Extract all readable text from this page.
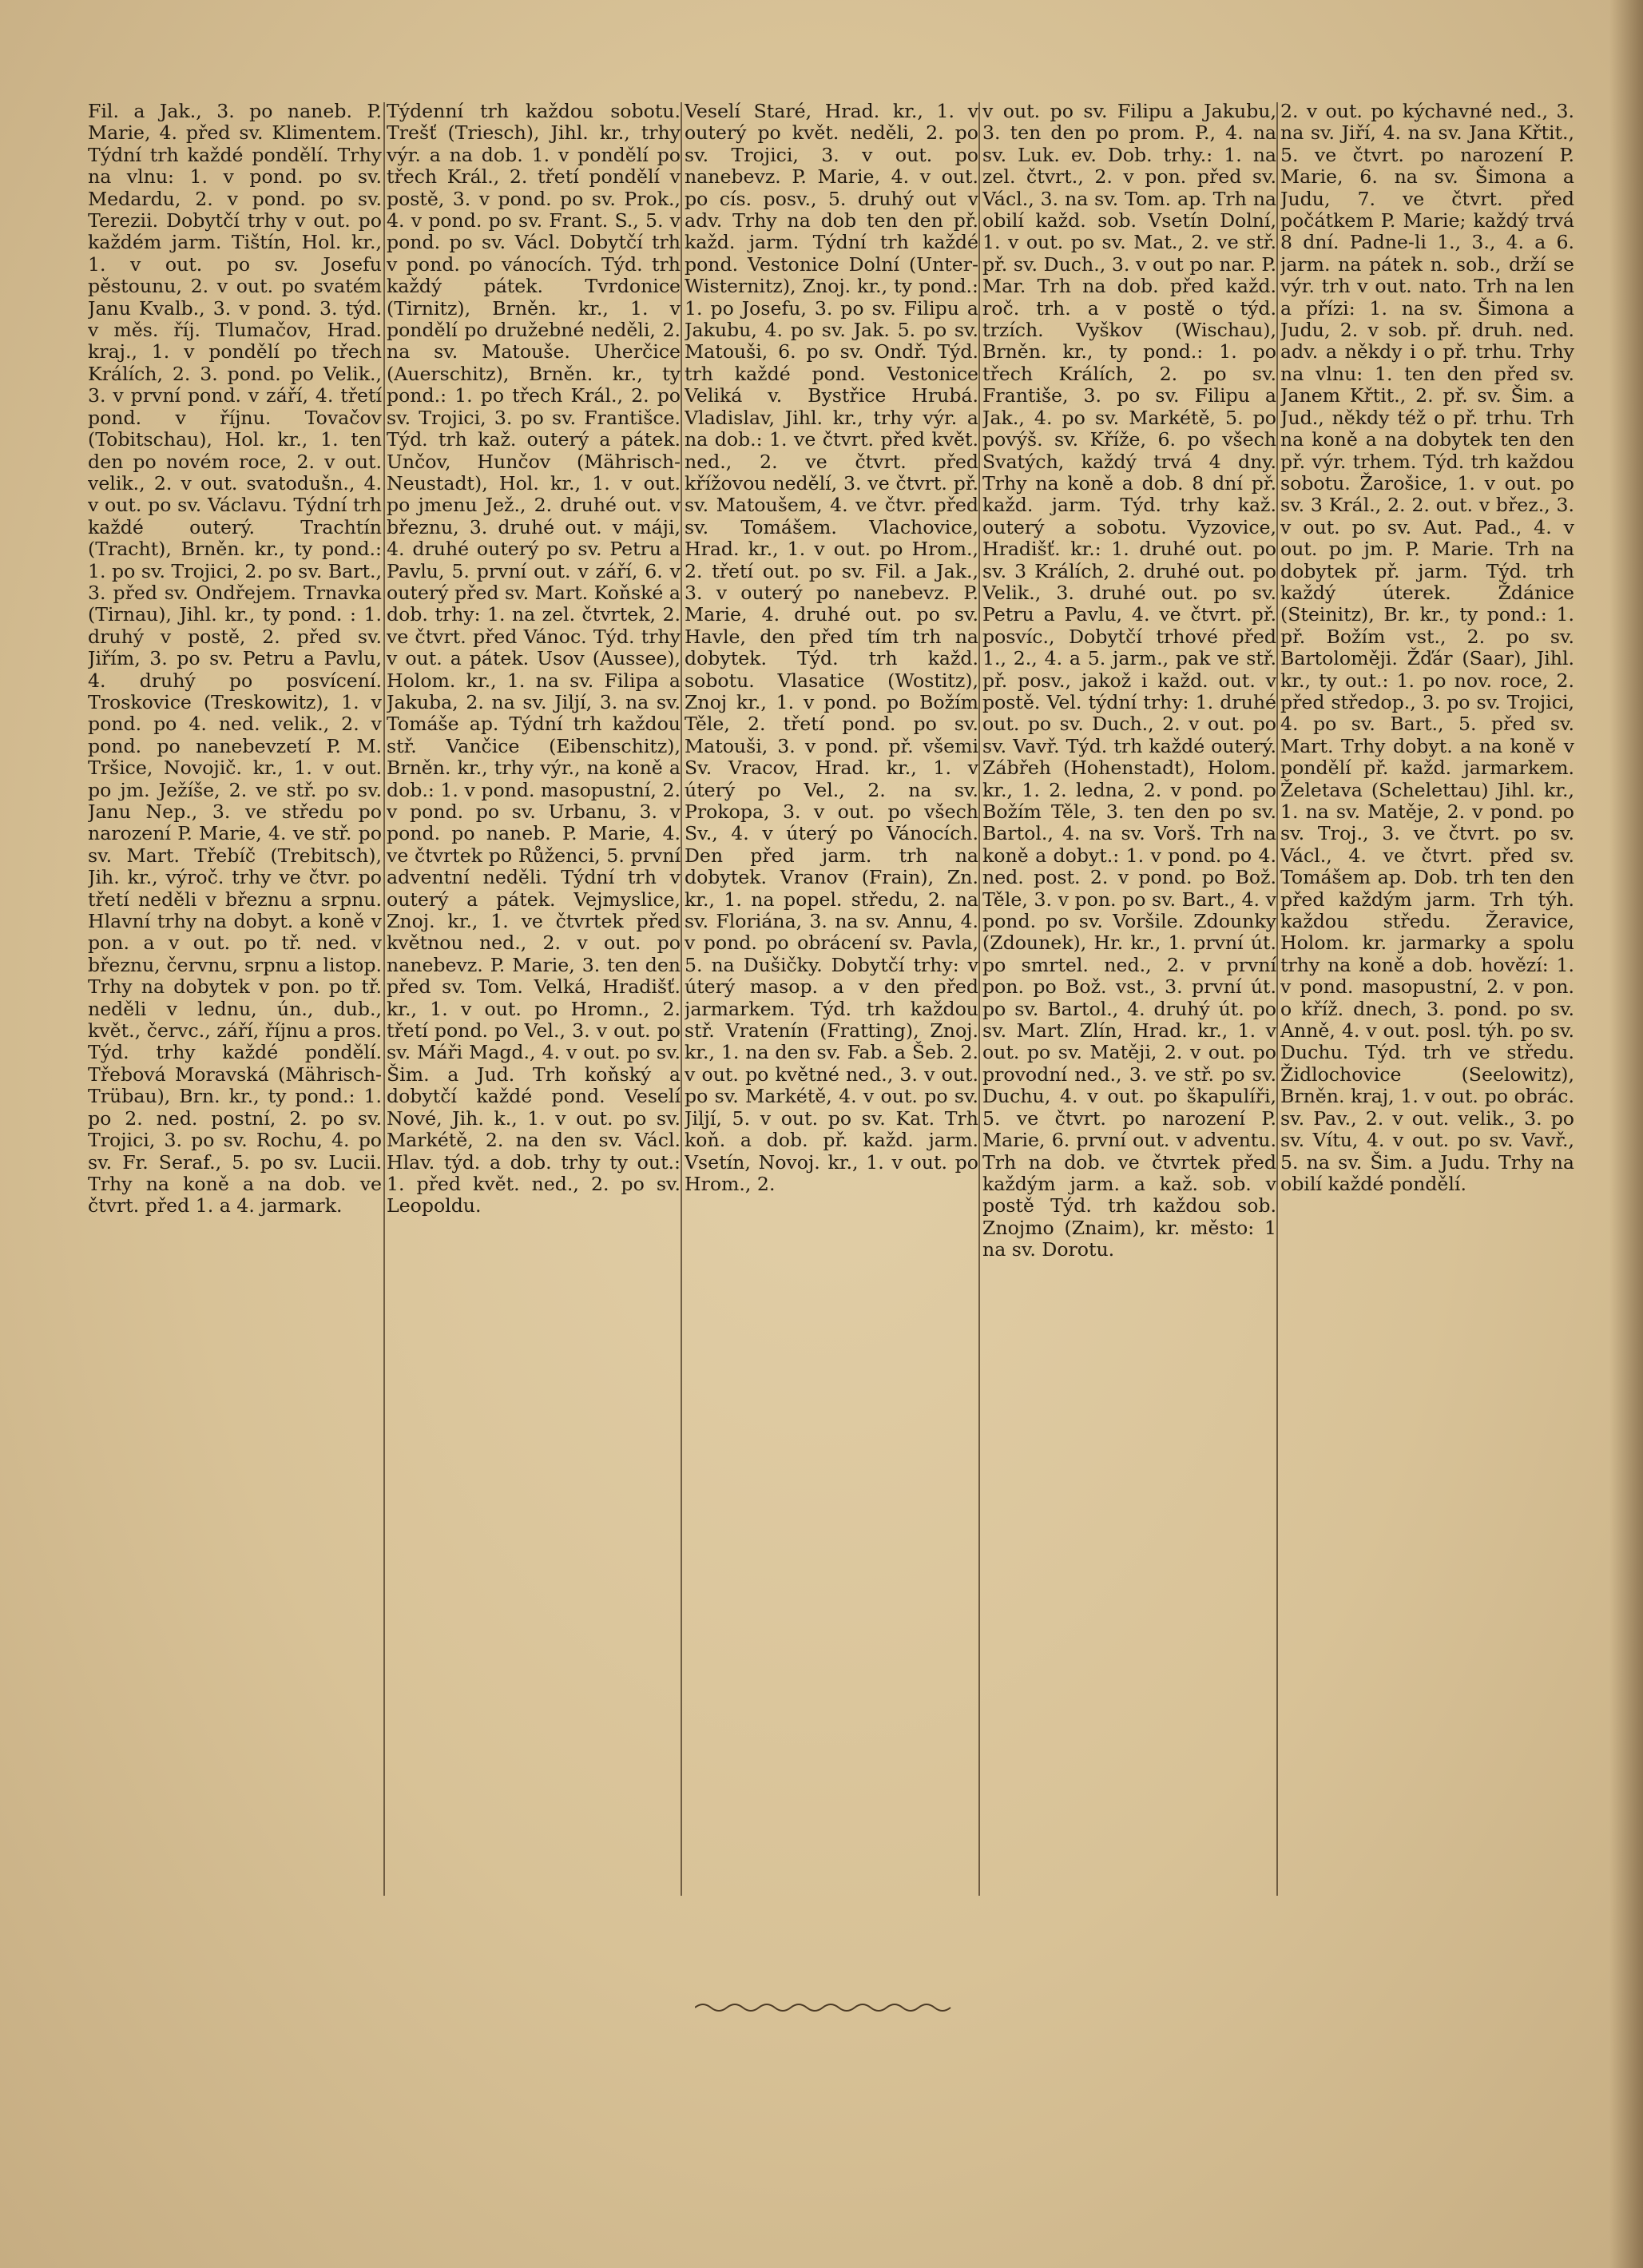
Fil. a Jak., 3. po naneb. P. Marie, 4. před sv. Klimentem. Týdní trh každé pondělí. Trhy na vlnu: 1. v pond. po sv. Medardu, 2. v pond. po sv. Terezii. Dobytčí trhy v out. po každém jarm. Tištín, Hol. kr., 1. v out. po sv. Josefu pěstounu, 2. v out. po svatém Janu Kvalb., 3. v pond. 3. týd. v měs. říj. Tlumačov, Hrad. kraj., 1. v pondělí po třech Králích, 2. 3. pond. po Velik., 3. v první pond. v září, 4. třetí pond. v říjnu. Tovačov (Tobitschau), Hol. kr., 1. ten den po novém roce, 2. v out. velik., 2. v out. svatodušn., 4. v out. po sv. Václavu. Týdní trh každé outerý. Trachtín (Tracht), Brněn. kr., ty pond.: 1. po sv. Trojici, 2. po sv. Bart., 3. před sv. Ondřejem. Trnavka (Tirnau), Jihl. kr., ty pond. : 1. druhý v postě, 2. před sv. Jiřím, 3. po sv. Petru a Pavlu, 4. druhý po posvícení. Troskovice (Treskowitz), 1. v pond. po 4. ned. velik., 2. v pond. po nanebevzetí P. M. Tršice, Novojič. kr., 1. v out. po jm. Ježíše, 2. ve stř. po sv. Janu Nep., 3. ve středu po narození P. Marie, 4. ve stř. po sv. Mart. Třebíč (Trebitsch), Jih. kr., výroč. trhy ve čtvr. po třetí neděli v březnu a srpnu. Hlavní trhy na dobyt. a koně v pon. a v out. po tř. ned. v březnu, červnu, srpnu a listop. Trhy na dobytek v pon. po tř. neděli v lednu, ún., dub., květ., červc., září, říjnu a pros. Týd. trhy každé pondělí. Třebová Moravská (Mährisch-Trübau), Brn. kr., ty pond.: 1. po 2. ned. postní, 2. po sv. Trojici, 3. po sv. Rochu, 4. po sv. Fr. Seraf., 5. po sv. Lucii. Trhy na koně a na dob. ve čtvrt. před 1. a 4. jarmark.

Týdenní trh každou sobotu. Trešť (Triesch), Jihl. kr., trhy výr. a na dob. 1. v pondělí po třech Král., 2. třetí pondělí v postě, 3. v pond. po sv. Prok., 4. v pond. po sv. Frant. S., 5. v pond. po sv. Václ. Dobytčí trh v pond. po vánocích. Týd. trh každý pátek. Tvrdonice (Tirnitz), Brněn. kr., 1. v pondělí po družebné neděli, 2. na sv. Matouše. Uherčice (Auerschitz), Brněn. kr., ty pond.: 1. po třech Král., 2. po sv. Trojici, 3. po sv. Františce. Týd. trh kaž. outerý a pátek. Unčov, Hunčov (Mährisch-Neustadt), Hol. kr., 1. v out. po jmenu Jež., 2. druhé out. v březnu, 3. druhé out. v máji, 4. druhé outerý po sv. Petru a Pavlu, 5. první out. v září, 6. v outerý před sv. Mart. Koňské a dob. trhy: 1. na zel. čtvrtek, 2. ve čtvrt. před Vánoc. Týd. trhy v out. a pátek. Usov (Aussee), Holom. kr., 1. na sv. Filipa a Jakuba, 2. na sv. Jiljí, 3. na sv. Tomáše ap. Týdní trh každou stř. Vančice (Eibenschitz), Brněn. kr., trhy výr., na koně a dob.: 1. v pond. masopustní, 2. v pond. po sv. Urbanu, 3. v pond. po naneb. P. Marie, 4. ve čtvrtek po Růženci, 5. první adventní neděli. Týdní trh v outerý a pátek. Vejmyslice, Znoj. kr., 1. ve čtvrtek před květnou ned., 2. v out. po nanebevz. P. Marie, 3. ten den před sv. Tom. Velká, Hradišť. kr., 1. v out. po Hromn., 2. třetí pond. po Vel., 3. v out. po sv. Máři Magd., 4. v out. po sv. Šim. a Jud. Trh koňský a dobytčí každé pond. Veselí Nové, Jih. k., 1. v out. po sv. Markétě, 2. na den sv. Václ. Hlav. týd. a dob. trhy ty out.: 1. před květ. ned., 2. po sv. Leopoldu.

Veselí Staré, Hrad. kr., 1. v outerý po květ. neděli, 2. po sv. Trojici, 3. v out. po nanebevz. P. Marie, 4. v out. po cís. posv., 5. druhý out v adv. Trhy na dob ten den př. každ. jarm. Týdní trh každé pond. Vestonice Dolní (Unter-Wisternitz), Znoj. kr., ty pond.: 1. po Josefu, 3. po sv. Filipu a Jakubu, 4. po sv. Jak. 5. po sv. Matouši, 6. po sv. Ondř. Týd. trh každé pond. Vestonice Veliká v. Bystřice Hrubá. Vladislav, Jihl. kr., trhy výr. a na dob.: 1. ve čtvrt. před květ. ned., 2. ve čtvrt. před křížovou nedělí, 3. ve čtvrt. př. sv. Matoušem, 4. ve čtvr. před sv. Tomášem. Vlachovice, Hrad. kr., 1. v out. po Hrom., 2. třetí out. po sv. Fil. a Jak., 3. v outerý po nanebevz. P. Marie, 4. druhé out. po sv. Havle, den před tím trh na dobytek. Týd. trh každ. sobotu. Vlasatice (Wostitz), Znoj kr., 1. v pond. po Božím Těle, 2. třetí pond. po sv. Matouši, 3. v pond. př. všemi Sv. Vracov, Hrad. kr., 1. v úterý po Vel., 2. na sv. Prokopa, 3. v out. po všech Sv., 4. v úterý po Vánocích. Den před jarm. trh na dobytek. Vranov (Frain), Zn. kr., 1. na popel. středu, 2. na sv. Floriána, 3. na sv. Annu, 4. v pond. po obrácení sv. Pavla, 5. na Dušičky. Dobytčí trhy: v úterý masop. a v den před jarmarkem. Týd. trh každou stř. Vratenín (Fratting), Znoj. kr., 1. na den sv. Fab. a Šeb. 2. v out. po květné ned., 3. v out. po sv. Markétě, 4. v out. po sv. Jiljí, 5. v out. po sv. Kat. Trh koň. a dob. př. každ. jarm. Vsetín, Novoj. kr., 1. v out. po Hrom., 2.

v out. po sv. Filipu a Jakubu, 3. ten den po prom. P., 4. na sv. Luk. ev. Dob. trhy.: 1. na zel. čtvrt., 2. v pon. před sv. Václ., 3. na sv. Tom. ap. Trh na obilí každ. sob. Vsetín Dolní, 1. v out. po sv. Mat., 2. ve stř. př. sv. Duch., 3. v out po nar. P. Mar. Trh na dob. před každ. roč. trh. a v postě o týd. trzích. Vyškov (Wischau), Brněn. kr., ty pond.: 1. po třech Králích, 2. po sv. Františe, 3. po sv. Filipu a Jak., 4. po sv. Markétě, 5. po povýš. sv. Kříže, 6. po všech Svatých, každý trvá 4 dny. Trhy na koně a dob. 8 dní př. každ. jarm. Týd. trhy kaž. outerý a sobotu. Vyzovice, Hradišť. kr.: 1. druhé out. po sv. 3 Králích, 2. druhé out. po Velik., 3. druhé out. po sv. Petru a Pavlu, 4. ve čtvrt. př. posvíc., Dobytčí trhové před 1., 2., 4. a 5. jarm., pak ve stř. př. posv., jakož i každ. out. v postě. Vel. týdní trhy: 1. druhé out. po sv. Duch., 2. v out. po sv. Vavř. Týd. trh každé outerý. Zábřeh (Hohenstadt), Holom. kr., 1. 2. ledna, 2. v pond. po Božím Těle, 3. ten den po sv. Bartol., 4. na sv. Vorš. Trh na koně a dobyt.: 1. v pond. po 4. ned. post. 2. v pond. po Bož. Těle, 3. v pon. po sv. Bart., 4. v pond. po sv. Voršile. Zdounky (Zdounek), Hr. kr., 1. první út. po smrtel. ned., 2. v první pon. po Bož. vst., 3. první út. po sv. Bartol., 4. druhý út. po sv. Mart. Zlín, Hrad. kr., 1. v out. po sv. Matěji, 2. v out. po provodní ned., 3. ve stř. po sv. Duchu, 4. v out. po škapulíři, 5. ve čtvrt. po narození P. Marie, 6. první out. v adventu. Trh na dob. ve čtvrtek před každým jarm. a kaž. sob. v postě Týd. trh každou sob. Znojmo (Znaim), kr. město: 1 na sv. Dorotu.

2. v out. po kýchavné ned., 3. na sv. Jiří, 4. na sv. Jana Křtit., 5. ve čtvrt. po narození P. Marie, 6. na sv. Šimona a Judu, 7. ve čtvrt. před počátkem P. Marie; každý trvá 8 dní. Padne-li 1., 3., 4. a 6. jarm. na pátek n. sob., drží se výr. trh v out. nato. Trh na len a přízi: 1. na sv. Šimona a Judu, 2. v sob. př. druh. ned. adv. a někdy i o př. trhu. Trhy na vlnu: 1. ten den před sv. Janem Křtit., 2. př. sv. Šim. a Jud., někdy též o př. trhu. Trh na koně a na dobytek ten den př. výr. trhem. Týd. trh každou sobotu. Žarošice, 1. v out. po sv. 3 Král., 2. 2. out. v břez., 3. v out. po sv. Aut. Pad., 4. v out. po jm. P. Marie. Trh na dobytek př. jarm. Týd. trh každý úterek. Ždánice (Steinitz), Br. kr., ty pond.: 1. př. Božím vst., 2. po sv. Bartoloměji. Žďár (Saar), Jihl. kr., ty out.: 1. po nov. roce, 2. před středop., 3. po sv. Trojici, 4. po sv. Bart., 5. před sv. Mart. Trhy dobyt. a na koně v pondělí př. každ. jarmarkem. Želetava (Schelettau) Jihl. kr., 1. na sv. Matěje, 2. v pond. po sv. Troj., 3. ve čtvrt. po sv. Václ., 4. ve čtvrt. před sv. Tomášem ap. Dob. trh ten den před každým jarm. Trh týh. každou středu. Žeravice, Holom. kr. jarmarky a spolu trhy na koně a dob. hovězí: 1. v pond. masopustní, 2. v pon. o kříž. dnech, 3. pond. po sv. Anně, 4. v out. posl. týh. po sv. Duchu. Týd. trh ve středu. Židlochovice (Seelowitz), Brněn. kraj, 1. v out. po obrác. sv. Pav., 2. v out. velik., 3. po sv. Vítu, 4. v out. po sv. Vavř., 5. na sv. Šim. a Judu. Trhy na obilí každé pondělí.
